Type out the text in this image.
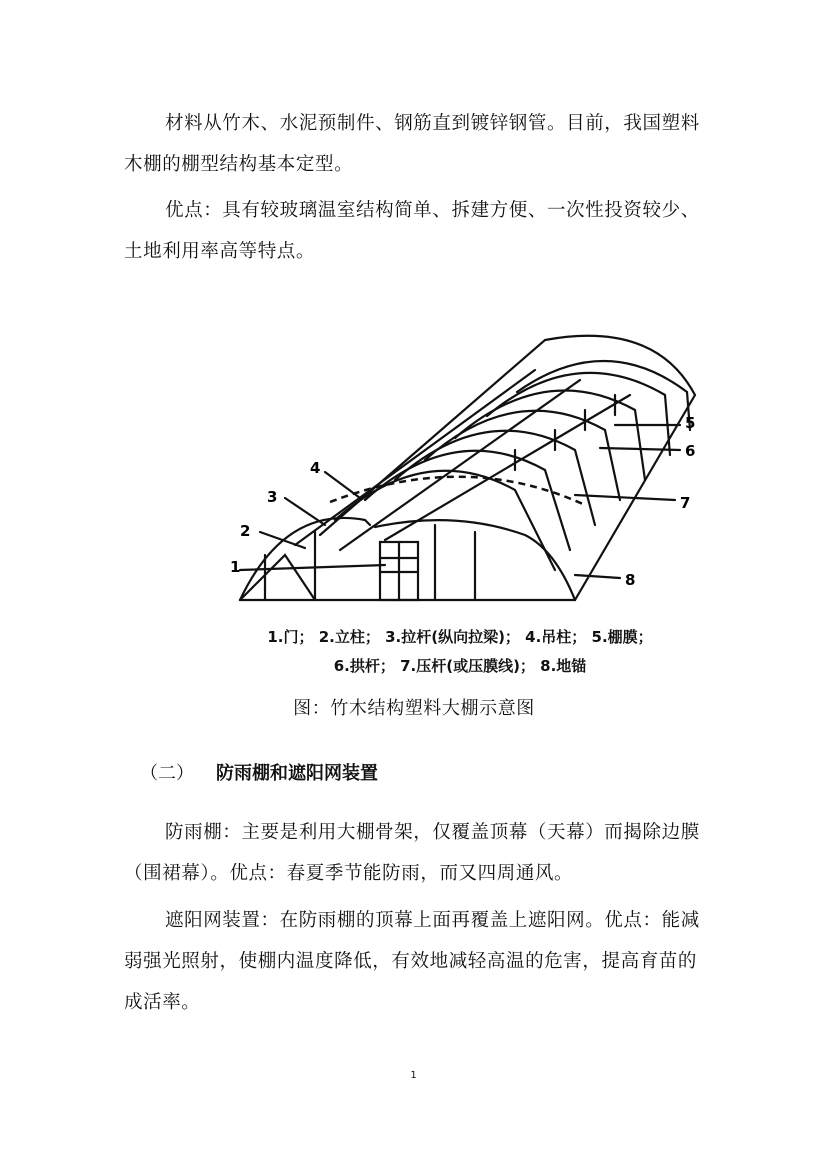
材料从竹木、水泥预制件、钢筋直到镀锌钢管。目前，我国塑料木棚的棚型结构基本定型。

优点：具有较玻璃温室结构简单、拆建方便、一次性投资较少、土地利用率高等特点。

1
2
3
4
5
6
7
8
1.门； 2.立柱； 3.拉杆(纵向拉梁)； 4.吊柱； 5.棚膜；
6.拱杆； 7.压杆(或压膜线)； 8.地锚
图：竹木结构塑料大棚示意图
（二） 防雨棚和遮阳网装置

防雨棚：主要是利用大棚骨架，仅覆盖顶幕（天幕）而揭除边膜（围裙幕）。优点：春夏季节能防雨，而又四周通风。

遮阳网装置：在防雨棚的顶幕上面再覆盖上遮阳网。优点：能减弱强光照射，使棚内温度降低，有效地减轻高温的危害，提高育苗的成活率。

1
